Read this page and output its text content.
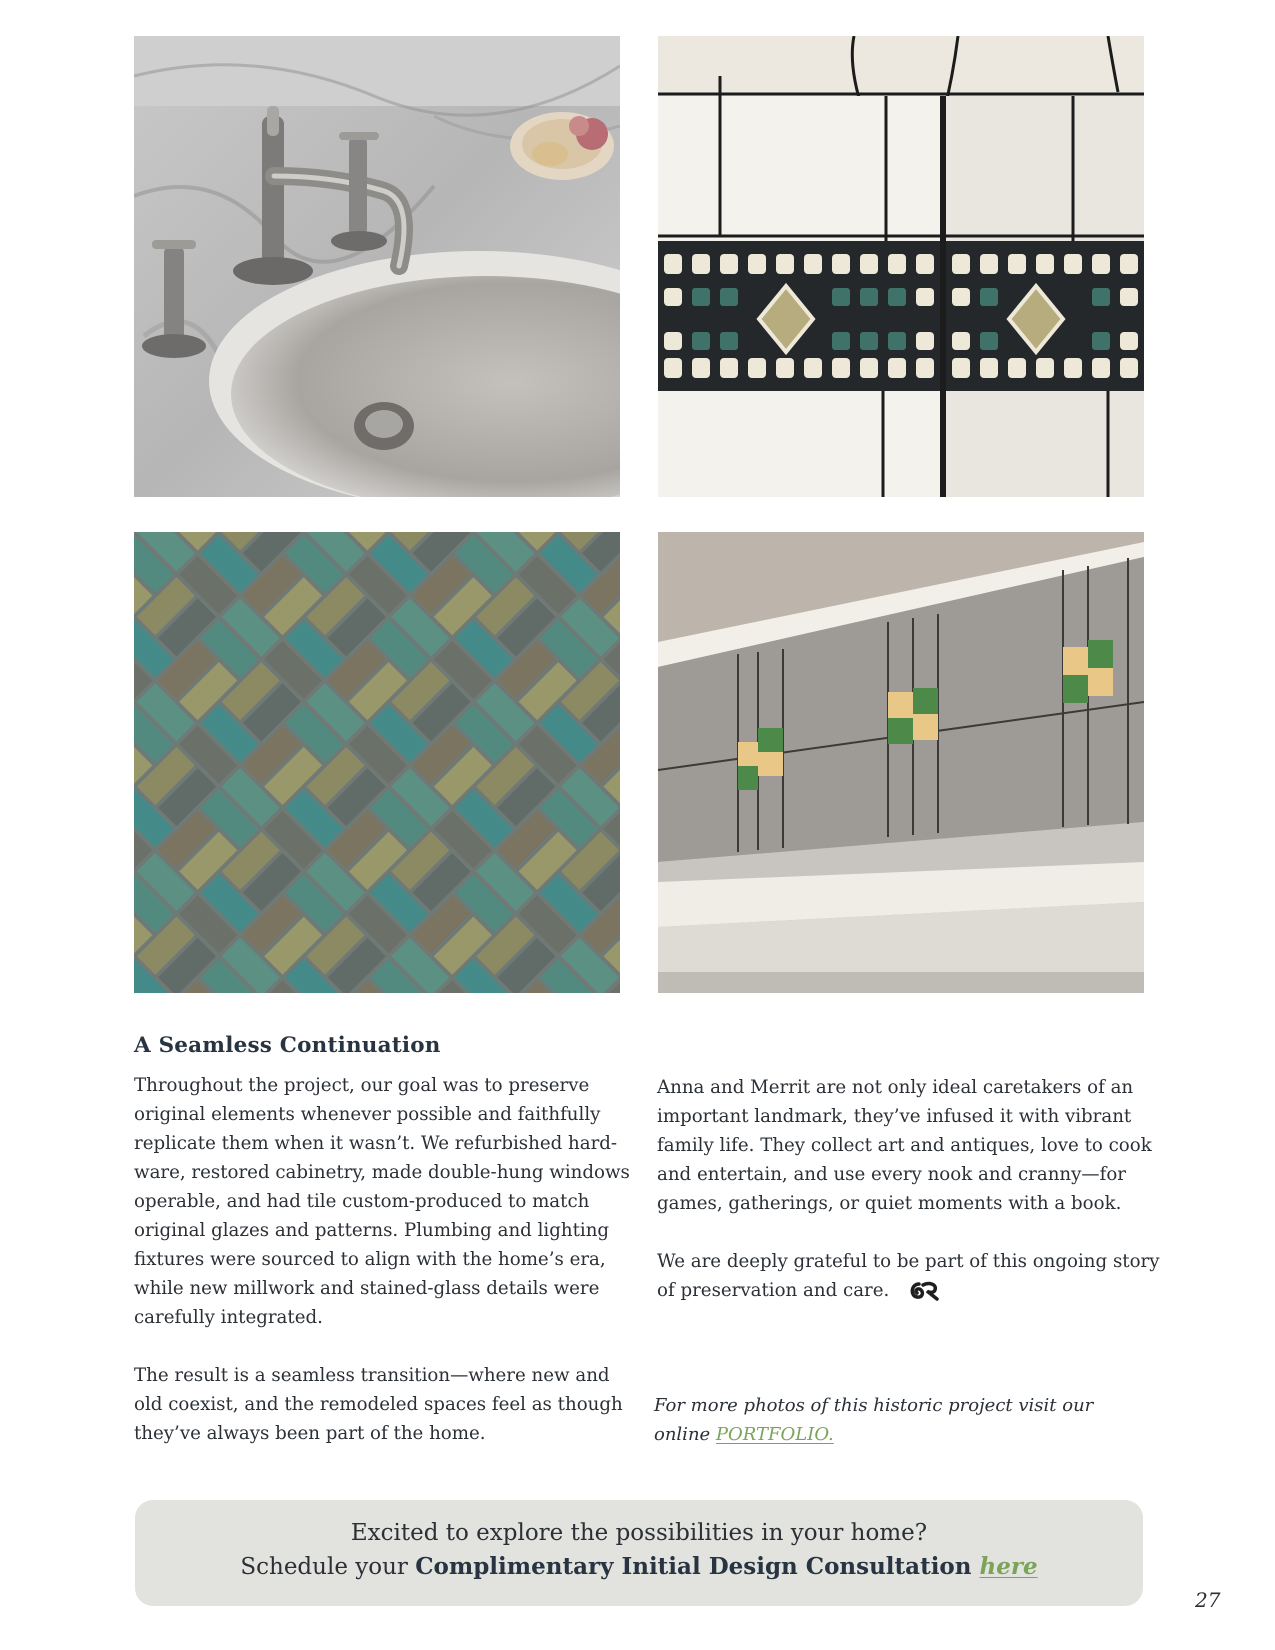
A Seamless Continuation
Throughout the project, our goal was to preserve
original elements whenever possible and faithfully
replicate them when it wasn’t. We refurbished hard-
ware, restored cabinetry, made double-hung windows
operable, and had tile custom-produced to match
original glazes and patterns. Plumbing and lighting
fixtures were sourced to align with the home’s era,
while new millwork and stained-glass details were
carefully integrated.
The result is a seamless transition—where new and
old coexist, and the remodeled spaces feel as though
they’ve always been part of the home.
Anna and Merrit are not only ideal caretakers of an
important landmark, they’ve infused it with vibrant
family life. They collect art and antiques, love to cook
and entertain, and use every nook and cranny—for
games, gatherings, or quiet moments with a book.
We are deeply grateful to be part of this ongoing story
of preservation and care.
For more photos of this historic project visit our
online PORTFOLIO.
Excited to explore the possibilities in your home?
Schedule your Complimentary Initial Design Consultation here
27
